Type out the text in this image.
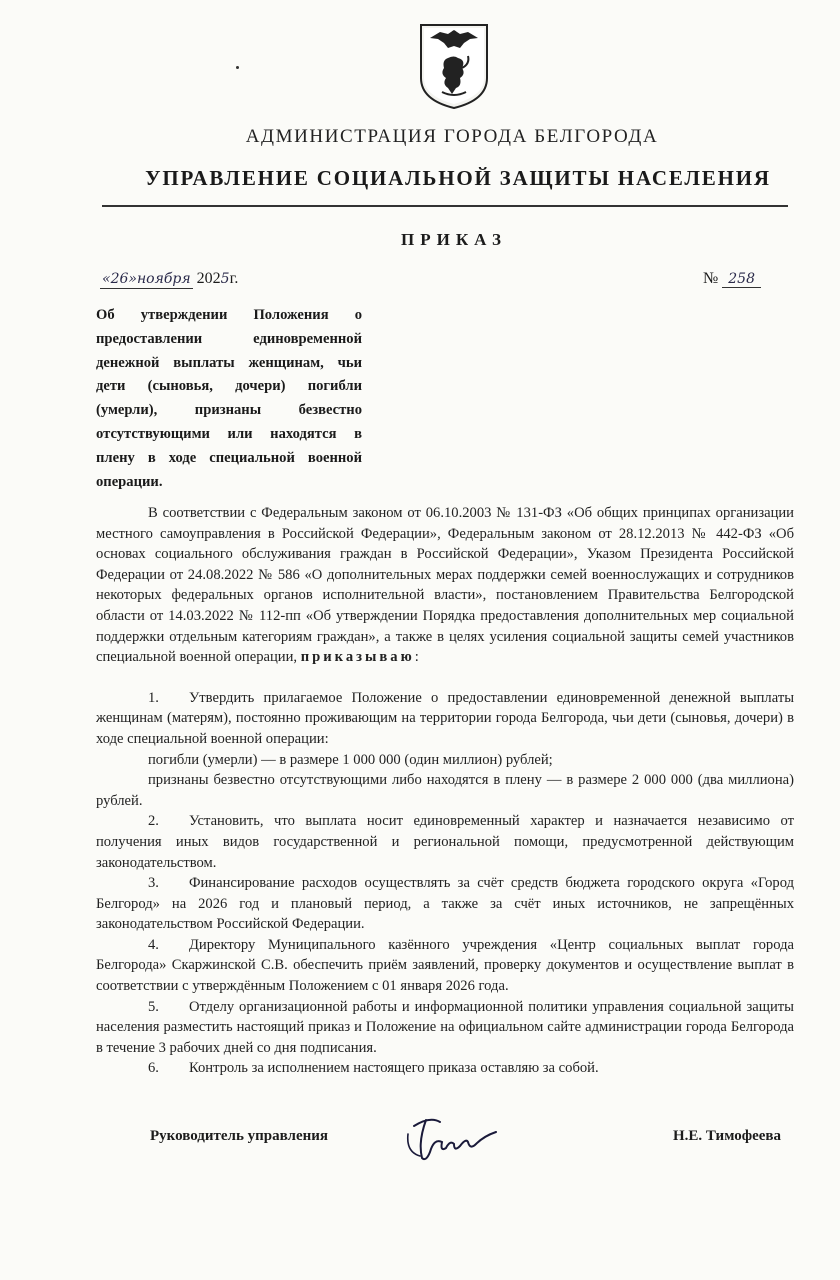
АДМИНИСТРАЦИЯ ГОРОДА БЕЛГОРОДА
УПРАВЛЕНИЕ СОЦИАЛЬНОЙ ЗАЩИТЫ НАСЕЛЕНИЯ
ПРИКАЗ
«26»ноября 2025г.	№ 258
Об утверждении Положения о предоставлении единовременной денежной выплаты женщинам, чьи дети (сыновья, дочери) погибли (умерли), признаны безвестно отсутствующими или находятся в плену в ходе специальной военной операции.

В соответствии с Федеральным законом от 06.10.2003 № 131-ФЗ «Об общих принципах организации местного самоуправления в Российской Федерации», Федеральным законом от 28.12.2013 № 442-ФЗ «Об основах социального обслуживания граждан в Российской Федерации», Указом Президента Российской Федерации от 24.08.2022 № 586 «О дополнительных мерах поддержки семей военнослужащих и сотрудников некоторых федеральных органов исполнительной власти», постановлением Правительства Белгородской области от 14.03.2022 № 112-пп «Об утверждении Порядка предоставления дополнительных мер социальной поддержки отдельным категориям граждан», а также в целях усиления социальной защиты семей участников специальной военной операции, приказываю:

1. Утвердить прилагаемое Положение о предоставлении единовременной денежной выплаты женщинам (матерям), постоянно проживающим на территории города Белгорода, чьи дети (сыновья, дочери) в ходе специальной военной операции:

погибли (умерли) — в размере 1 000 000 (один миллион) рублей;

признаны безвестно отсутствующими либо находятся в плену — в размере 2 000 000 (два миллиона) рублей.

2. Установить, что выплата носит единовременный характер и назначается независимо от получения иных видов государственной и региональной помощи, предусмотренной действующим законодательством.

3. Финансирование расходов осуществлять за счёт средств бюджета городского округа «Город Белгород» на 2026 год и плановый период, а также за счёт иных источников, не запрещённых законодательством Российской Федерации.

4. Директору Муниципального казённого учреждения «Центр социальных выплат города Белгорода» Скаржинской С.В. обеспечить приём заявлений, проверку документов и осуществление выплат в соответствии с утверждённым Положением с 01 января 2026 года.

5. Отделу организационной работы и информационной политики управления социальной защиты населения разместить настоящий приказ и Положение на официальном сайте администрации города Белгорода в течение 3 рабочих дней со дня подписания.

6. Контроль за исполнением настоящего приказа оставляю за собой.

Руководитель управления	Н.Е. Тимофеева
